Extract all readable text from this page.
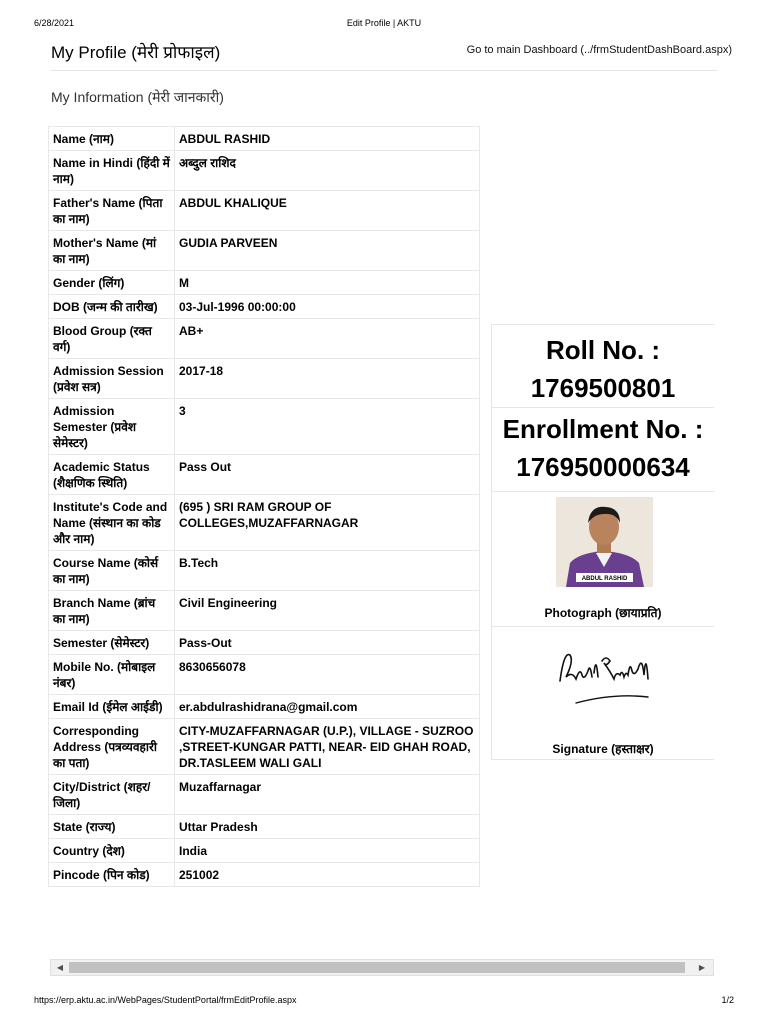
6/28/2021	Edit Profile | AKTU
My Profile (मेरी प्रोफाइल)	Go to main Dashboard (../frmStudentDashBoard.aspx)
My Information (मेरी जानकारी)
Name (नाम)	ABDUL RASHID
Name in Hindi (हिंदी में नाम)	अब्दुल राशिद
Father's Name (पिता का नाम)	ABDUL KHALIQUE
Mother's Name (मां का नाम)	GUDIA PARVEEN
Gender (लिंग)	M
DOB (जन्म की तारीख)	03-Jul-1996 00:00:00
Blood Group (रक्त वर्ग)	AB+
Admission Session (प्रवेश सत्र)	2017-18
Admission Semester (प्रवेश सेमेस्टर)	3
Academic Status (शैक्षणिक स्थिति)	Pass Out
Institute's Code and Name (संस्थान का कोड और नाम)	(695 ) SRI RAM GROUP OF COLLEGES,MUZAFFARNAGAR
Course Name (कोर्स का नाम)	B.Tech
Branch Name (ब्रांच का नाम)	Civil Engineering
Semester (सेमेस्टर)	Pass-Out
Mobile No. (मोबाइल नंबर)	8630656078
Email Id (ईमेल आईडी)	er.abdulrashidrana@gmail.com
Corresponding Address (पत्रव्यवहारी का पता)	CITY-MUZAFFARNAGAR (U.P.), VILLAGE - SUZROO ,STREET-KUNGAR PATTI, NEAR- EID GHAH ROAD, DR.TASLEEM WALI GALI
City/District (शहर/ जिला)	Muzaffarnagar
State (राज्य)	Uttar Pradesh
Country (देश)	India
Pincode (पिन कोड)	251002
Roll No. :
1769500801
Enrollment No. :
176950000634
ABDUL RASHID
Photograph (छायाप्रति)
Signature (हस्ताक्षर)
◀	▶
https://erp.aktu.ac.in/WebPages/StudentPortal/frmEditProfile.aspx	1/2
